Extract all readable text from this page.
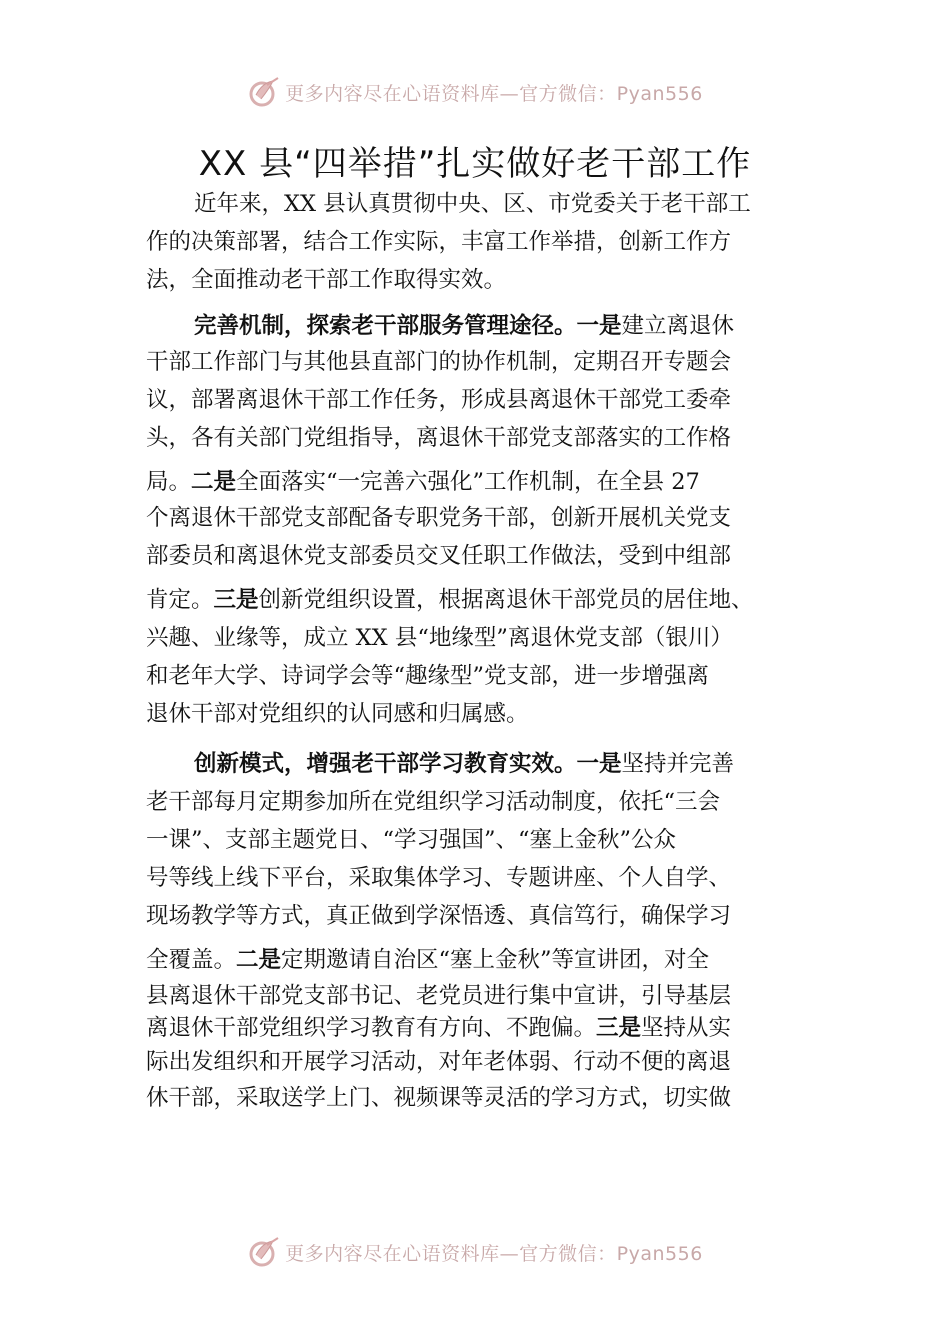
更多内容尽在心语资料库—官方微信：Pyan556
XX 县“四举措”扎实做好老干部工作
近年来，XX 县认真贯彻中央、区、市党委关于老干部工
作的决策部署，结合工作实际，丰富工作举措，创新工作方
法，全面推动老干部工作取得实效。
完善机制，探索老干部服务管理途径。一是建立离退休
干部工作部门与其他县直部门的协作机制，定期召开专题会
议，部署离退休干部工作任务，形成县离退休干部党工委牵
头，各有关部门党组指导，离退休干部党支部落实的工作格
局。二是全面落实“一完善六强化”工作机制，在全县 27
个离退休干部党支部配备专职党务干部，创新开展机关党支
部委员和离退休党支部委员交叉任职工作做法，受到中组部
肯定。三是创新党组织设置，根据离退休干部党员的居住地、
兴趣、业缘等，成立 XX 县“地缘型”离退休党支部（银川）
和老年大学、诗词学会等“趣缘型”党支部，进一步增强离
退休干部对党组织的认同感和归属感。
创新模式，增强老干部学习教育实效。一是坚持并完善
老干部每月定期参加所在党组织学习活动制度，依托“三会
一课”、支部主题党日、“学习强国”、“塞上金秋”公众
号等线上线下平台，采取集体学习、专题讲座、个人自学、
现场教学等方式，真正做到学深悟透、真信笃行，确保学习
全覆盖。二是定期邀请自治区“塞上金秋”等宣讲团，对全
县离退休干部党支部书记、老党员进行集中宣讲，引导基层
离退休干部党组织学习教育有方向、不跑偏。三是坚持从实
际出发组织和开展学习活动，对年老体弱、行动不便的离退
休干部，采取送学上门、视频课等灵活的学习方式，切实做
更多内容尽在心语资料库—官方微信：Pyan556
